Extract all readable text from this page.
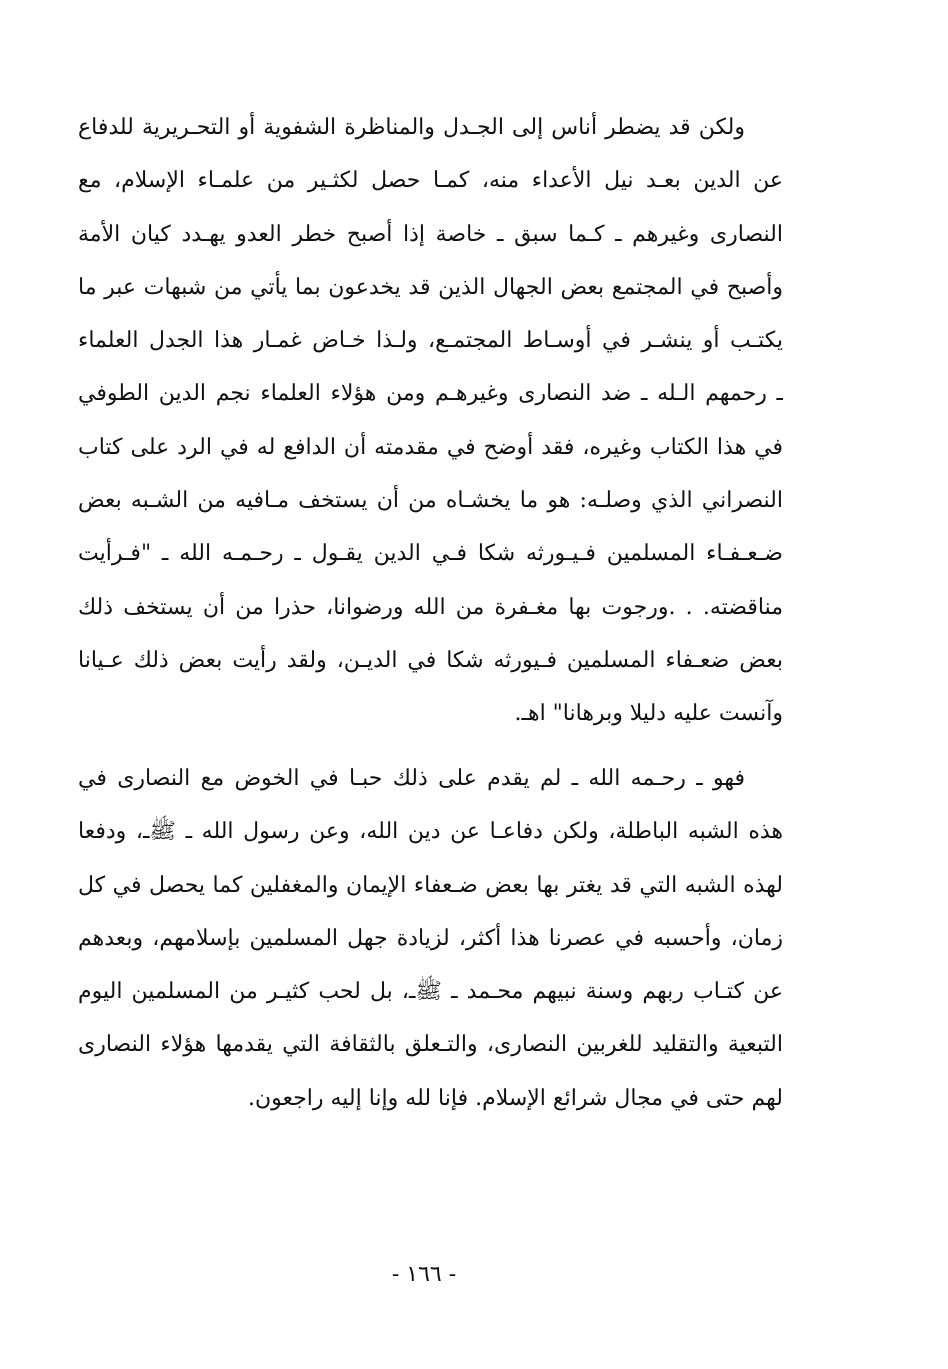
ولكن قد يضطر أناس إلى الجـدل والمناظرة الشفوية أو التحـريرية للدفاع
عن الدين بعـد نيل الأعداء منه، كمـا حصل لكثـير من علمـاء الإسلام، مع
النصارى وغيرهم ـ كـما سبق ـ خاصة إذا أصبح خطر العدو يهـدد كيان الأمة
وأصبح في المجتمع بعض الجهال الذين قد يخدعون بما يأتي من شبهات عبر ما
يكتـب أو ينشـر في أوسـاط المجتمـع، ولـذا خـاض غمـار هذا الجدل العلماء
ـ رحمهم الـله ـ ضد النصارى وغيرهـم ومن هؤلاء العلماء نجم الدين الطوفي
في هذا الكتاب وغيره، فقد أوضح في مقدمته أن الدافع له في الرد على كتاب
النصراني الذي وصلـه: هو ما يخشـاه من أن يستخف مـافيه من الشـبه بعض
ضـعـفـاء المسلمين فـيـورثه شكا فـي الدين يقـول ـ رحـمـه الله ـ "فـرأيت
مناقضته. . .ورجوت بها مغـفرة من الله ورضوانا، حذرا من أن يستخف ذلك
بعض ضعـفاء المسلمين فـيورثه شكا في الديـن، ولقد رأيت بعض ذلك عـيانا
وآنست عليه دليلا وبرهانا" اهـ.
فهو ـ رحـمه الله ـ لم يقدم على ذلك حبـا في الخوض مع النصارى في
هذه الشبه الباطلة، ولكن دفاعـا عن دين الله، وعن رسول الله ـ ﷺـ، ودفعا
لهذه الشبه التي قد يغتر بها بعض ضـعفاء الإيمان والمغفلين كما يحصل في كل
زمان، وأحسبه في عصرنا هذا أكثر، لزيادة جهل المسلمين بإسلامهم، وبعدهم
عن كتـاب ربهم وسنة نبيهم محـمد ـ ﷺـ، بل لحب كثيـر من المسلمين اليوم
التبعية والتقليد للغربين النصارى، والتـعلق بالثقافة التي يقدمها هؤلاء النصارى
لهم حتى في مجال شرائع الإسلام. فإنا لله وإنا إليه راجعون.
- ١٦٦ -
